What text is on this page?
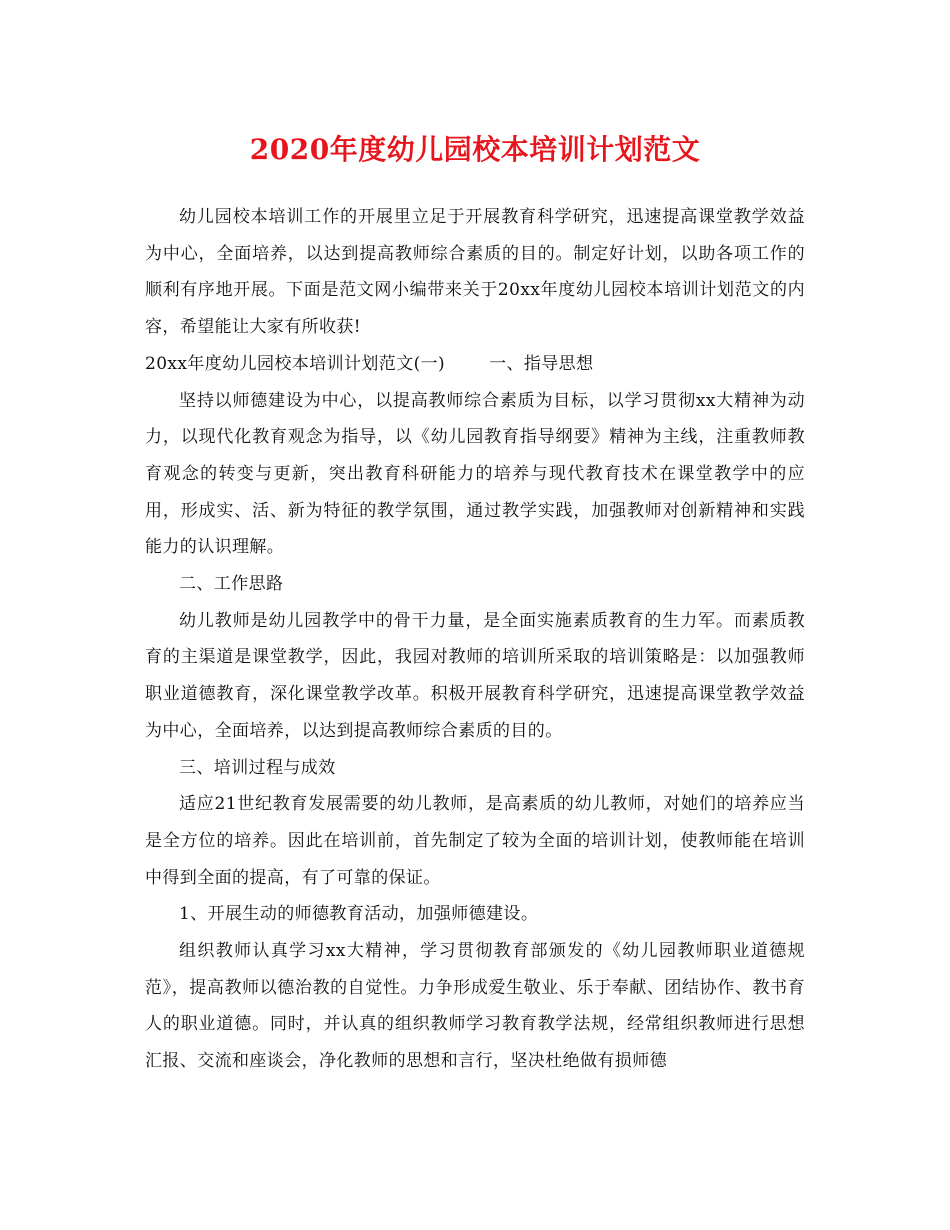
2020年度幼儿园校本培训计划范文

幼儿园校本培训工作的开展里立足于开展教育科学研究，迅速提高课堂教学效益为中心，全面培养，以达到提高教师综合素质的目的。制定好计划，以助各项工作的顺利有序地开展。下面是范文网小编带来关于20xx年度幼儿园校本培训计划范文的内容，希望能让大家有所收获!

20xx年度幼儿园校本培训计划范文(一)	一、指导思想

坚持以师德建设为中心，以提高教师综合素质为目标，以学习贯彻xx大精神为动力，以现代化教育观念为指导，以《幼儿园教育指导纲要》精神为主线，注重教师教育观念的转变与更新，突出教育科研能力的培养与现代教育技术在课堂教学中的应用，形成实、活、新为特征的教学氛围，通过教学实践，加强教师对创新精神和实践能力的认识理解。

二、工作思路

幼儿教师是幼儿园教学中的骨干力量，是全面实施素质教育的生力军。而素质教育的主渠道是课堂教学，因此，我园对教师的培训所采取的培训策略是：以加强教师职业道德教育，深化课堂教学改革。积极开展教育科学研究，迅速提高课堂教学效益为中心，全面培养，以达到提高教师综合素质的目的。

三、培训过程与成效

适应21世纪教育发展需要的幼儿教师，是高素质的幼儿教师，对她们的培养应当是全方位的培养。因此在培训前，首先制定了较为全面的培训计划，使教师能在培训中得到全面的提高，有了可靠的保证。

1、开展生动的师德教育活动，加强师德建设。

组织教师认真学习xx大精神，学习贯彻教育部颁发的《幼儿园教师职业道德规范》，提高教师以德治教的自觉性。力争形成爱生敬业、乐于奉献、团结协作、教书育人的职业道德。同时，并认真的组织教师学习教育教学法规，经常组织教师进行思想汇报、交流和座谈会，净化教师的思想和言行，坚决杜绝做有损师德
